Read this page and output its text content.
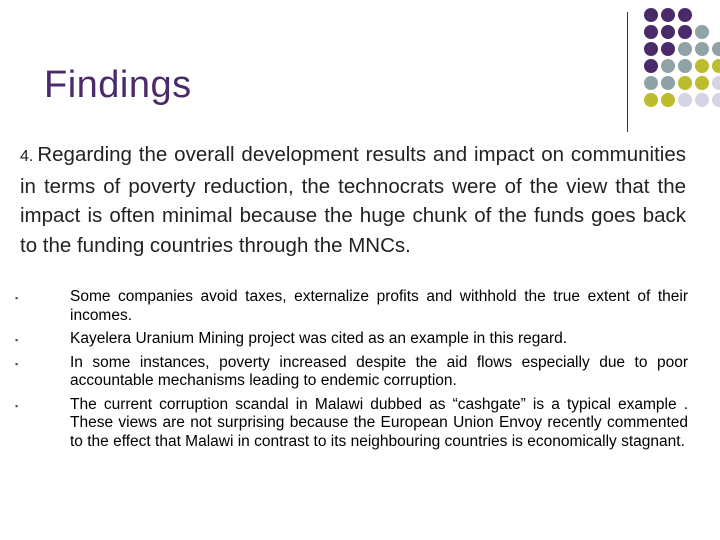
Findings
4. Regarding the overall development results and impact on communities in terms of poverty reduction, the technocrats were of the view that the impact is often minimal because the huge chunk of the funds goes back to the funding countries through the MNCs.
▪	Some companies avoid taxes, externalize profits and withhold the true extent of their incomes.
▪	Kayelera Uranium Mining project was cited as an example in this regard.
▪	In some instances, poverty increased despite the aid flows especially due to poor accountable mechanisms leading to endemic corruption.
▪	The current corruption scandal in Malawi dubbed as “cashgate” is a typical example . These views are not surprising because the European Union Envoy recently commented to the effect that Malawi in contrast to its neighbouring countries is economically stagnant.
